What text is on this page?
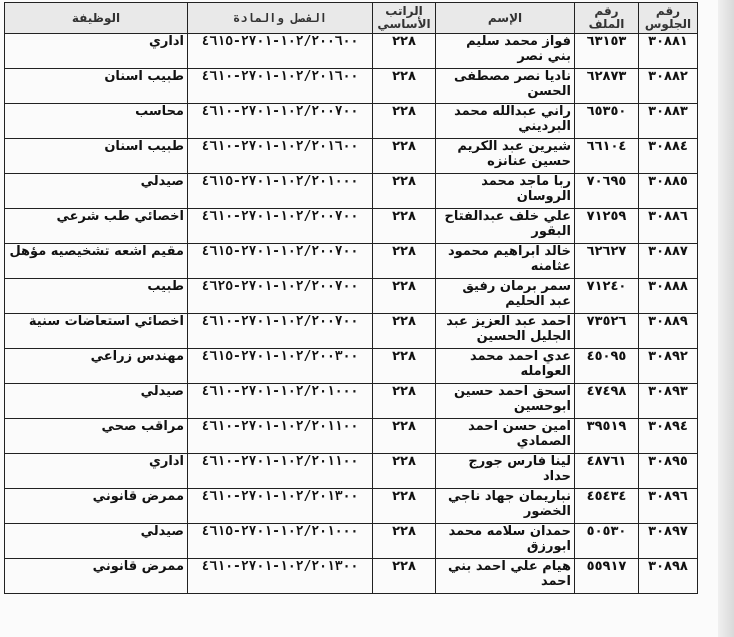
رقم الجلوس	رقم الملف	الإسم	الراتب الأساسي	الفصل والمادة	الوظيفة
٣٠٨٨١	٦٣١٥٣	فواز محمد سليم بني نصر	٢٢٨	١٠٢/٢٠٠٦٠٠-٢٧٠١-٤٦١٥	اداري
٣٠٨٨٢	٦٢٨٧٣	ناديا نصر مصطفى الحسن	٢٢٨	١٠٢/٢٠١٦٠٠-٢٧٠١-٤٦١٠	طبيب اسنان
٣٠٨٨٣	٦٥٣٥٠	راني عبدالله محمد البرديني	٢٢٨	١٠٢/٢٠٠٧٠٠-٢٧٠١-٤٦١٠	محاسب
٣٠٨٨٤	٦٦١٠٤	شيرين عبد الكريم حسين عنانزه	٢٢٨	١٠٢/٢٠١٦٠٠-٢٧٠١-٤٦١٠	طبيب اسنان
٣٠٨٨٥	٧٠٦٩٥	ربا ماجد محمد الروسان	٢٢٨	١٠٢/٢٠١٠٠٠-٢٧٠١-٤٦١٥	صيدلي
٣٠٨٨٦	٧١٢٥٩	علي خلف عبدالفتاح البقور	٢٢٨	١٠٢/٢٠٠٧٠٠-٢٧٠١-٤٦١٠	اخصائي طب شرعي
٣٠٨٨٧	٦٢٦٢٧	خالد ابراهيم محمود عثامنه	٢٢٨	١٠٢/٢٠٠٧٠٠-٢٧٠١-٤٦١٥	مقيم اشعه تشخيصيه مؤهل
٣٠٨٨٨	٧١٢٤٠	سمر برمان رفيق عبد الحليم	٢٢٨	١٠٢/٢٠٠٧٠٠-٢٧٠١-٤٦٢٥	طبيب
٣٠٨٨٩	٧٣٥٢٦	احمد عبد العزيز عبد الجليل الحسين	٢٢٨	١٠٢/٢٠٠٧٠٠-٢٧٠١-٤٦١٠	اخصائي استعاضات سنية
٣٠٨٩٢	٤٥٠٩٥	عدي احمد محمد العوامله	٢٢٨	١٠٢/٢٠٠٣٠٠-٢٧٠١-٤٦١٥	مهندس زراعي
٣٠٨٩٣	٤٧٤٩٨	اسحق احمد حسين ابوحسين	٢٢٨	١٠٢/٢٠١٠٠٠-٢٧٠١-٤٦١٠	صيدلي
٣٠٨٩٤	٣٩٥١٩	امين حسن احمد الصمادي	٢٢٨	١٠٢/٢٠١١٠٠-٢٧٠١-٤٦١٠	مراقب صحي
٣٠٨٩٥	٤٨٧٦١	لينا فارس جورج حداد	٢٢٨	١٠٢/٢٠١١٠٠-٢٧٠١-٤٦١٠	اداري
٣٠٨٩٦	٤٥٤٣٤	نباريمان جهاد ناجي الخضور	٢٢٨	١٠٢/٢٠١٣٠٠-٢٧٠١-٤٦١٠	ممرض قانوني
٣٠٨٩٧	٥٠٥٣٠	حمدان سلامه محمد ابورزق	٢٢٨	١٠٢/٢٠١٠٠٠-٢٧٠١-٤٦١٥	صيدلي
٣٠٨٩٨	٥٥٩١٧	هيام علي احمد بني احمد	٢٢٨	١٠٢/٢٠١٣٠٠-٢٧٠١-٤٦١٠	ممرض قانوني
